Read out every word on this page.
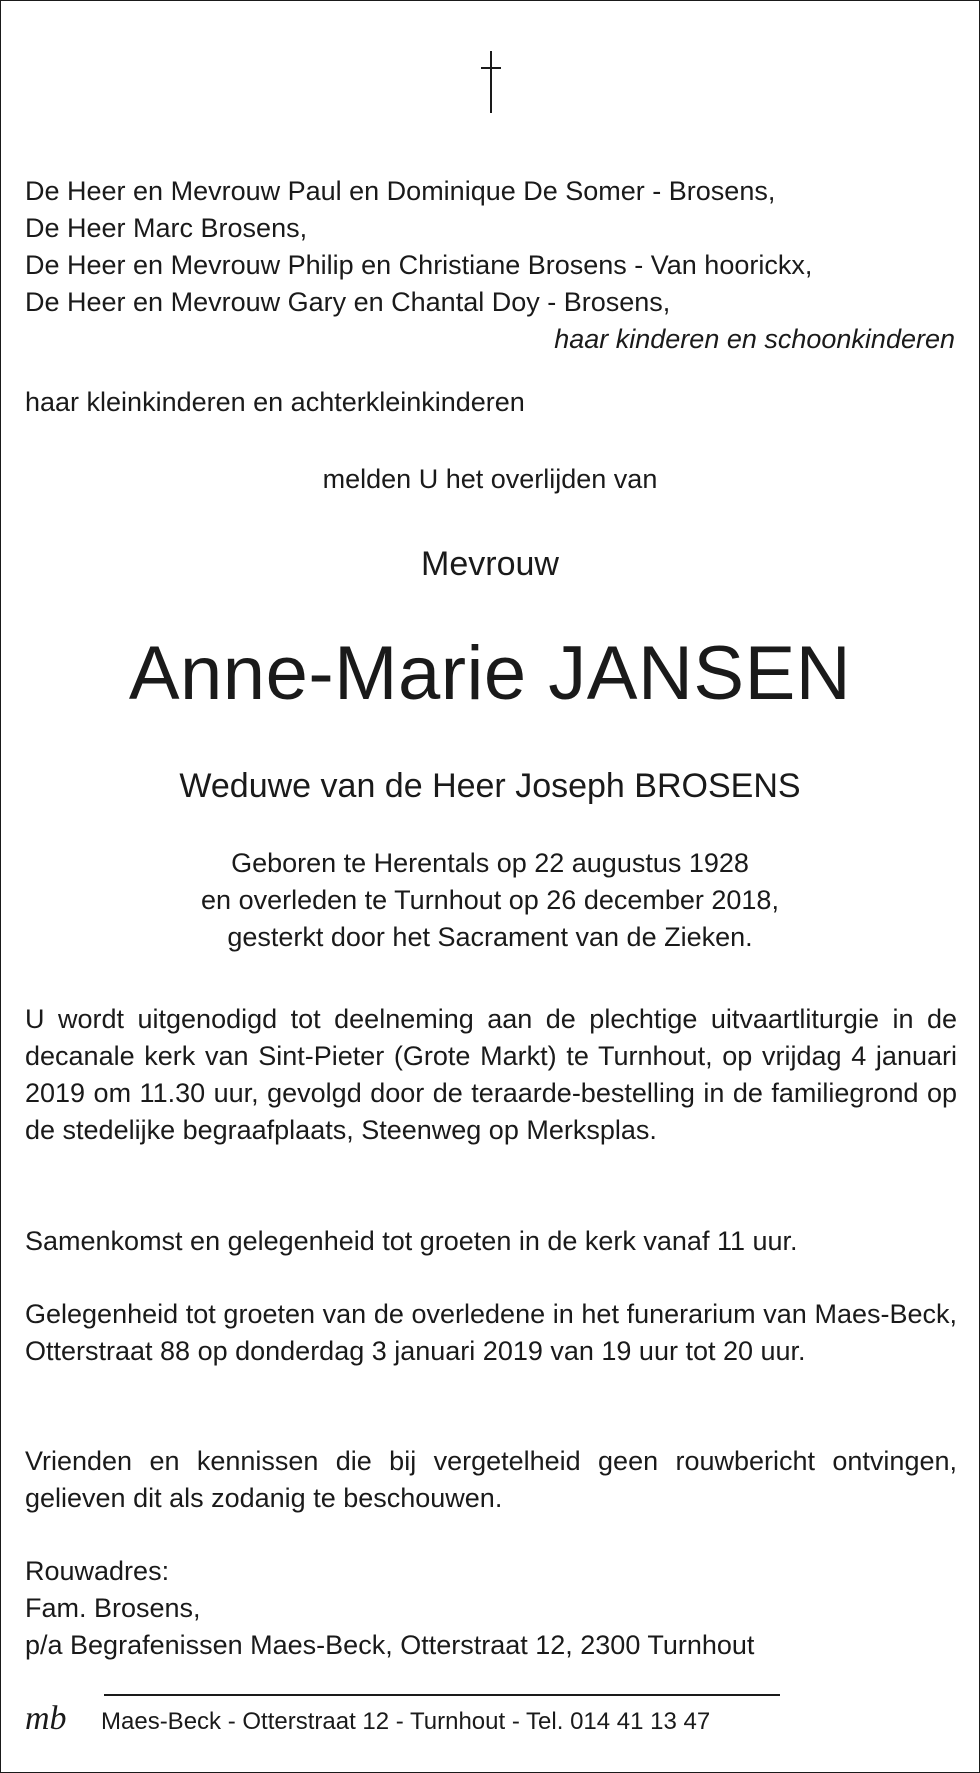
De Heer en Mevrouw Paul en Dominique De Somer - Brosens,
De Heer Marc Brosens,
De Heer en Mevrouw Philip en Christiane Brosens - Van hoorickx,
De Heer en Mevrouw Gary en Chantal Doy - Brosens,
haar kinderen en schoonkinderen
haar kleinkinderen en achterkleinkinderen
melden U het overlijden van
Mevrouw
Anne-Marie JANSEN
Weduwe van de Heer Joseph BROSENS
Geboren te Herentals op 22 augustus 1928
en overleden te Turnhout op 26 december 2018,
gesterkt door het Sacrament van de Zieken.
U wordt uitgenodigd tot deelneming aan de plechtige uitvaartliturgie in de decanale kerk van Sint-Pieter (Grote Markt) te Turnhout, op vrijdag 4 januari 2019 om 11.30 uur, gevolgd door de teraarde-bestelling in de familiegrond op de stedelijke begraafplaats, Steenweg op Merksplas.
Samenkomst en gelegenheid tot groeten in de kerk vanaf 11 uur.
Gelegenheid tot groeten van de overledene in het funerarium van Maes-Beck, Otterstraat 88 op donderdag 3 januari 2019 van 19 uur tot 20 uur.
Vrienden en kennissen die bij vergetelheid geen rouwbericht ontvingen, gelieven dit als zodanig te beschouwen.
Rouwadres:
Fam. Brosens,
p/a Begrafenissen Maes-Beck, Otterstraat 12, 2300 Turnhout
mb Maes-Beck - Otterstraat 12 - Turnhout - Tel. 014 41 13 47
